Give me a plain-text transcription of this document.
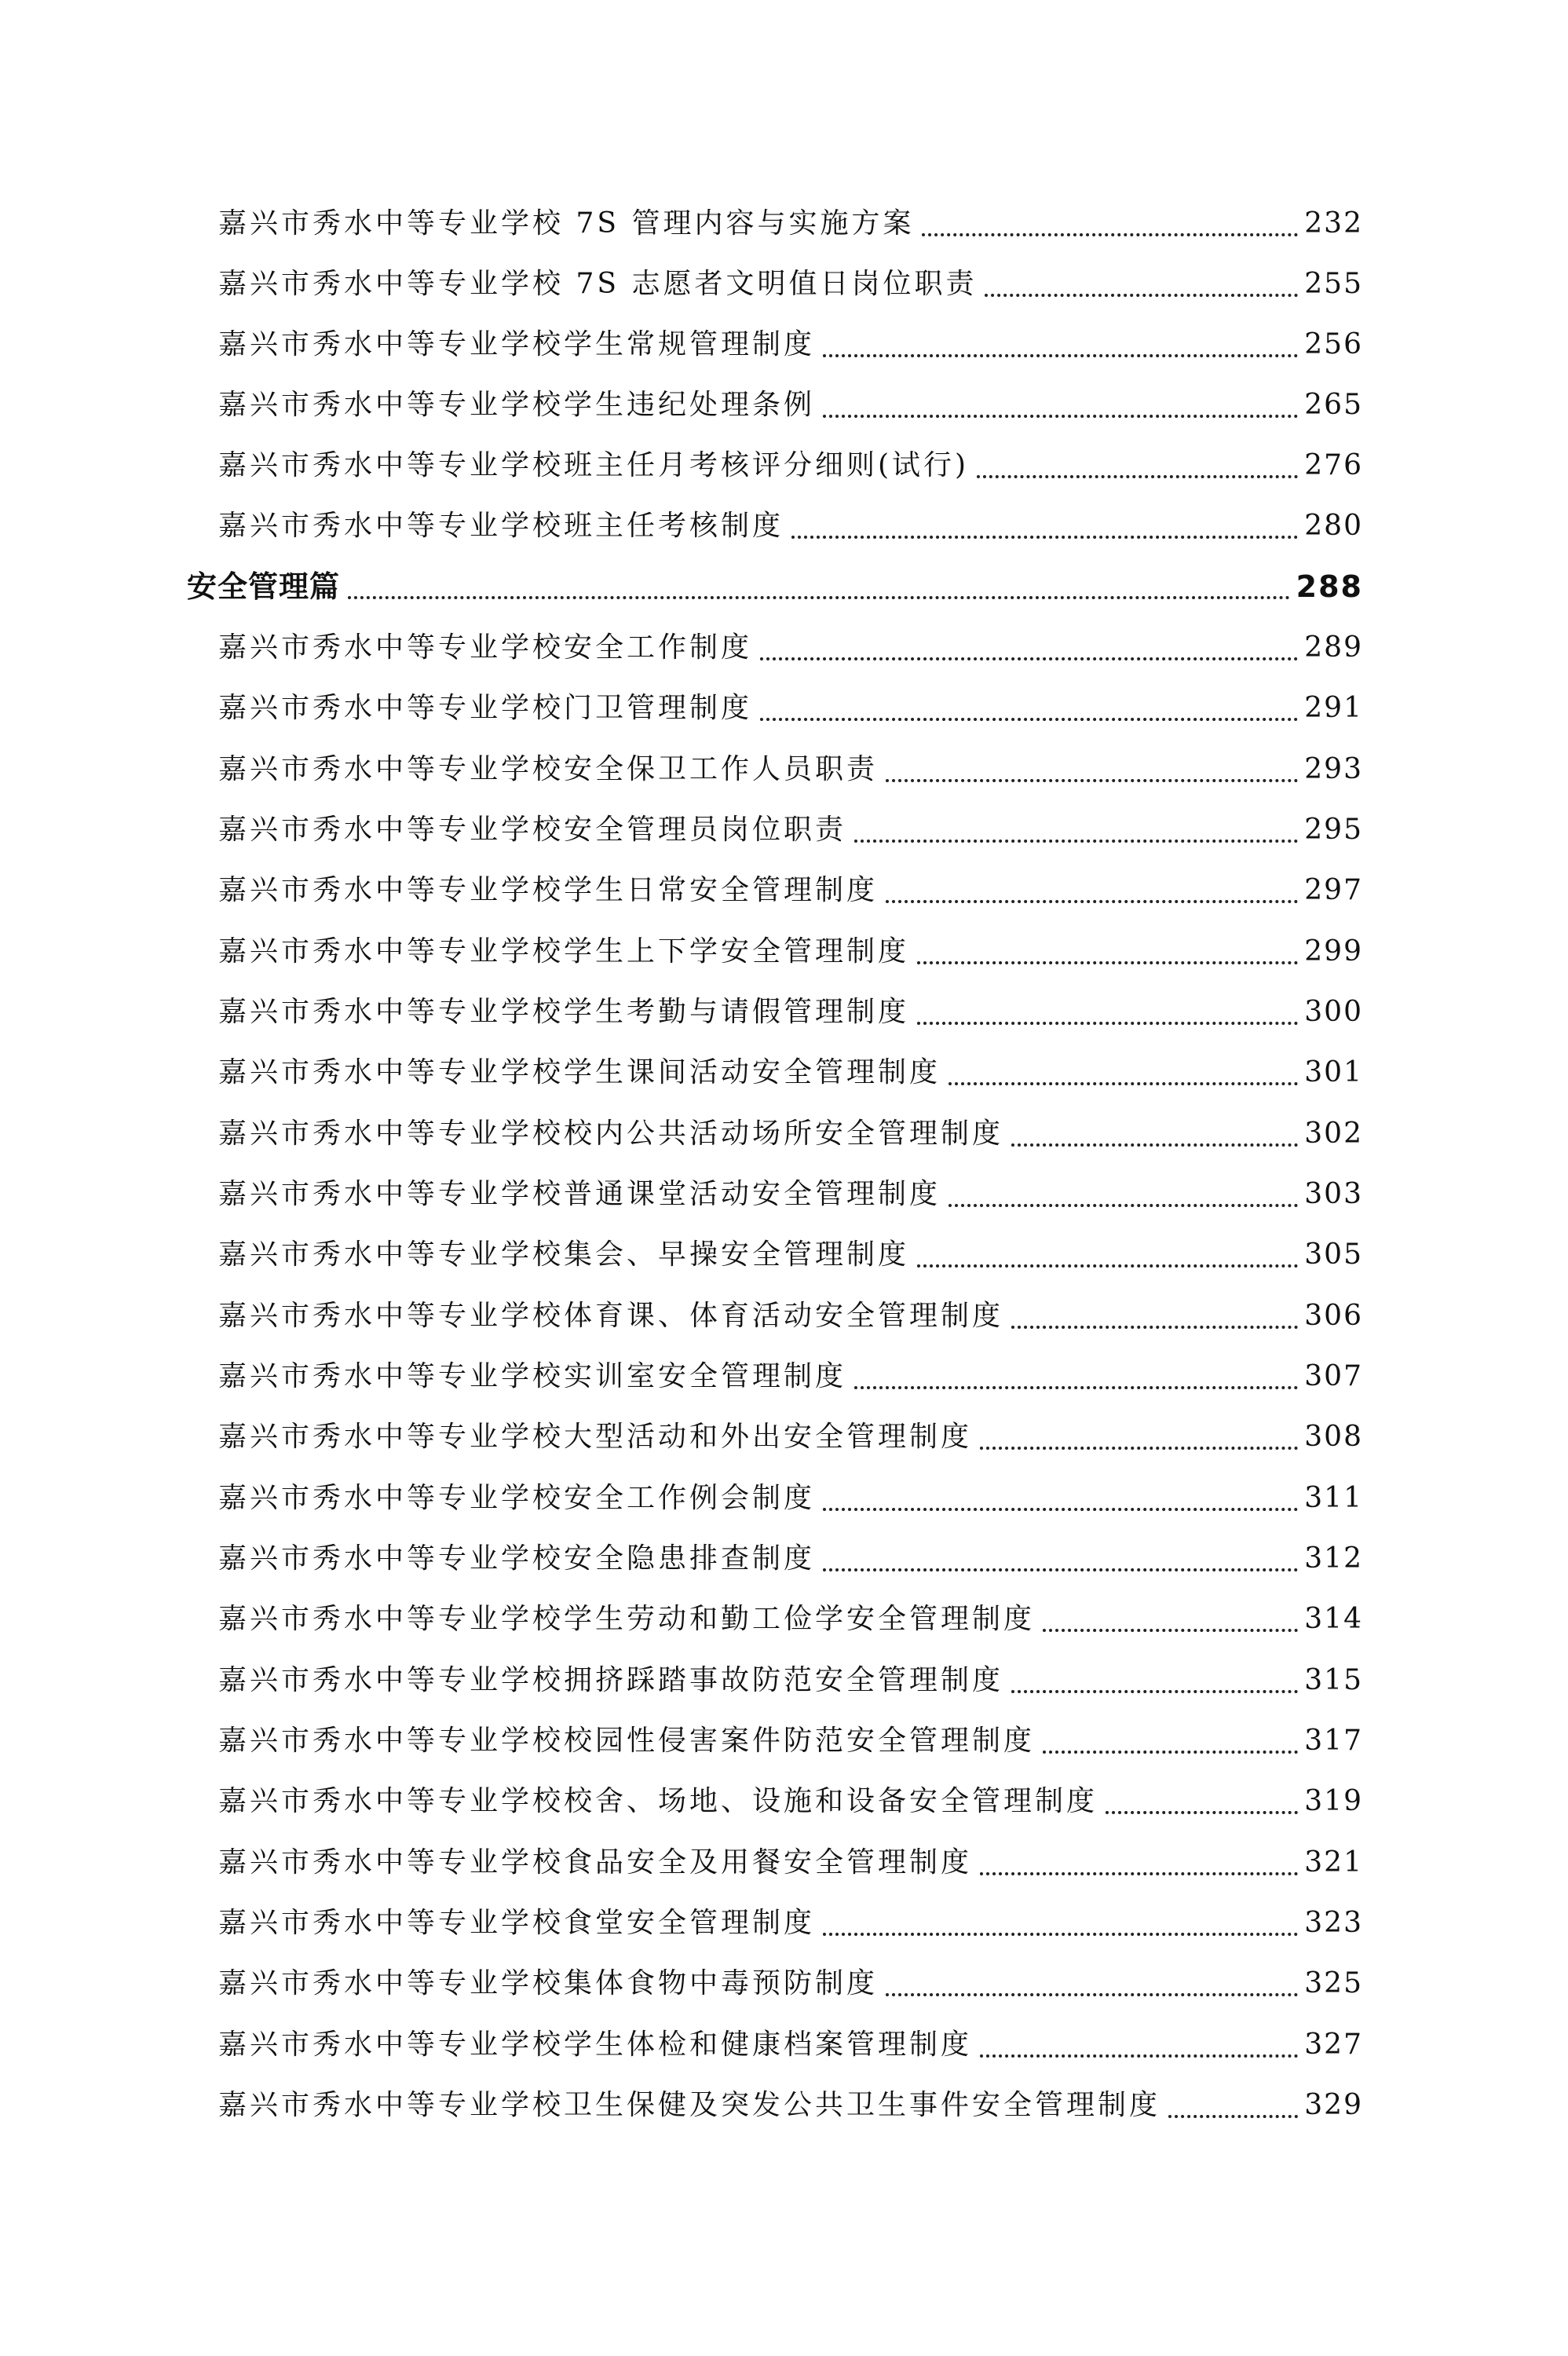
嘉兴市秀水中等专业学校 7S 管理内容与实施方案	232
嘉兴市秀水中等专业学校 7S 志愿者文明值日岗位职责	255
嘉兴市秀水中等专业学校学生常规管理制度	256
嘉兴市秀水中等专业学校学生违纪处理条例	265
嘉兴市秀水中等专业学校班主任月考核评分细则(试行)	276
嘉兴市秀水中等专业学校班主任考核制度	280
安全管理篇	288
嘉兴市秀水中等专业学校安全工作制度	289
嘉兴市秀水中等专业学校门卫管理制度	291
嘉兴市秀水中等专业学校安全保卫工作人员职责	293
嘉兴市秀水中等专业学校安全管理员岗位职责	295
嘉兴市秀水中等专业学校学生日常安全管理制度	297
嘉兴市秀水中等专业学校学生上下学安全管理制度	299
嘉兴市秀水中等专业学校学生考勤与请假管理制度	300
嘉兴市秀水中等专业学校学生课间活动安全管理制度	301
嘉兴市秀水中等专业学校校内公共活动场所安全管理制度	302
嘉兴市秀水中等专业学校普通课堂活动安全管理制度	303
嘉兴市秀水中等专业学校集会、早操安全管理制度	305
嘉兴市秀水中等专业学校体育课、体育活动安全管理制度	306
嘉兴市秀水中等专业学校实训室安全管理制度	307
嘉兴市秀水中等专业学校大型活动和外出安全管理制度	308
嘉兴市秀水中等专业学校安全工作例会制度	311
嘉兴市秀水中等专业学校安全隐患排查制度	312
嘉兴市秀水中等专业学校学生劳动和勤工俭学安全管理制度	314
嘉兴市秀水中等专业学校拥挤踩踏事故防范安全管理制度	315
嘉兴市秀水中等专业学校校园性侵害案件防范安全管理制度	317
嘉兴市秀水中等专业学校校舍、场地、设施和设备安全管理制度	319
嘉兴市秀水中等专业学校食品安全及用餐安全管理制度	321
嘉兴市秀水中等专业学校食堂安全管理制度	323
嘉兴市秀水中等专业学校集体食物中毒预防制度	325
嘉兴市秀水中等专业学校学生体检和健康档案管理制度	327
嘉兴市秀水中等专业学校卫生保健及突发公共卫生事件安全管理制度	329
